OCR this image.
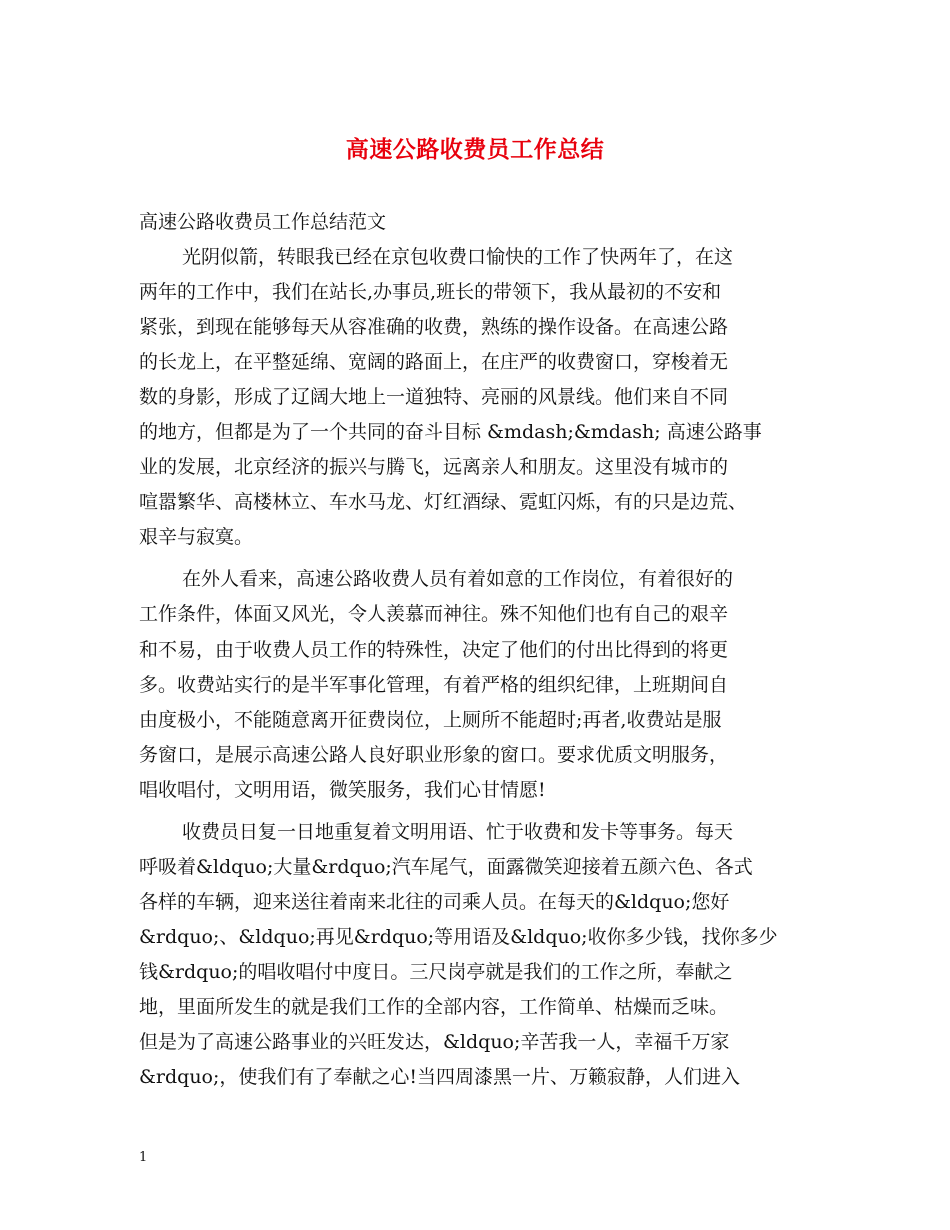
高速公路收费员工作总结

高速公路收费员工作总结范文

光阴似箭，转眼我已经在京包收费口愉快的工作了快两年了，在这

两年的工作中，我们在站长,办事员,班长的带领下，我从最初的不安和

紧张，到现在能够每天从容准确的收费，熟练的操作设备。在高速公路

的长龙上，在平整延绵、宽阔的路面上，在庄严的收费窗口，穿梭着无

数的身影，形成了辽阔大地上一道独特、亮丽的风景线。他们来自不同

的地方，但都是为了一个共同的奋斗目标 &mdash;&mdash; 高速公路事

业的发展，北京经济的振兴与腾飞，远离亲人和朋友。这里没有城市的

喧嚣繁华、高楼林立、车水马龙、灯红酒绿、霓虹闪烁，有的只是边荒、

艰辛与寂寞。

在外人看来，高速公路收费人员有着如意的工作岗位，有着很好的

工作条件，体面又风光，令人羡慕而神往。殊不知他们也有自己的艰辛

和不易，由于收费人员工作的特殊性，决定了他们的付出比得到的将更

多。收费站实行的是半军事化管理，有着严格的组织纪律，上班期间自

由度极小，不能随意离开征费岗位，上厕所不能超时;再者,收费站是服

务窗口，是展示高速公路人良好职业形象的窗口。要求优质文明服务，

唱收唱付，文明用语，微笑服务，我们心甘情愿!

收费员日复一日地重复着文明用语、忙于收费和发卡等事务。每天

呼吸着&ldquo;大量&rdquo;汽车尾气，面露微笑迎接着五颜六色、各式

各样的车辆，迎来送往着南来北往的司乘人员。在每天的&ldquo;您好

&rdquo;、&ldquo;再见&rdquo;等用语及&ldquo;收你多少钱，找你多少

钱&rdquo;的唱收唱付中度日。三尺岗亭就是我们的工作之所，奉献之

地，里面所发生的就是我们工作的全部内容，工作简单、枯燥而乏味。

但是为了高速公路事业的兴旺发达，&ldquo;辛苦我一人，幸福千万家

&rdquo;，使我们有了奉献之心!当四周漆黑一片、万籁寂静，人们进入

1
